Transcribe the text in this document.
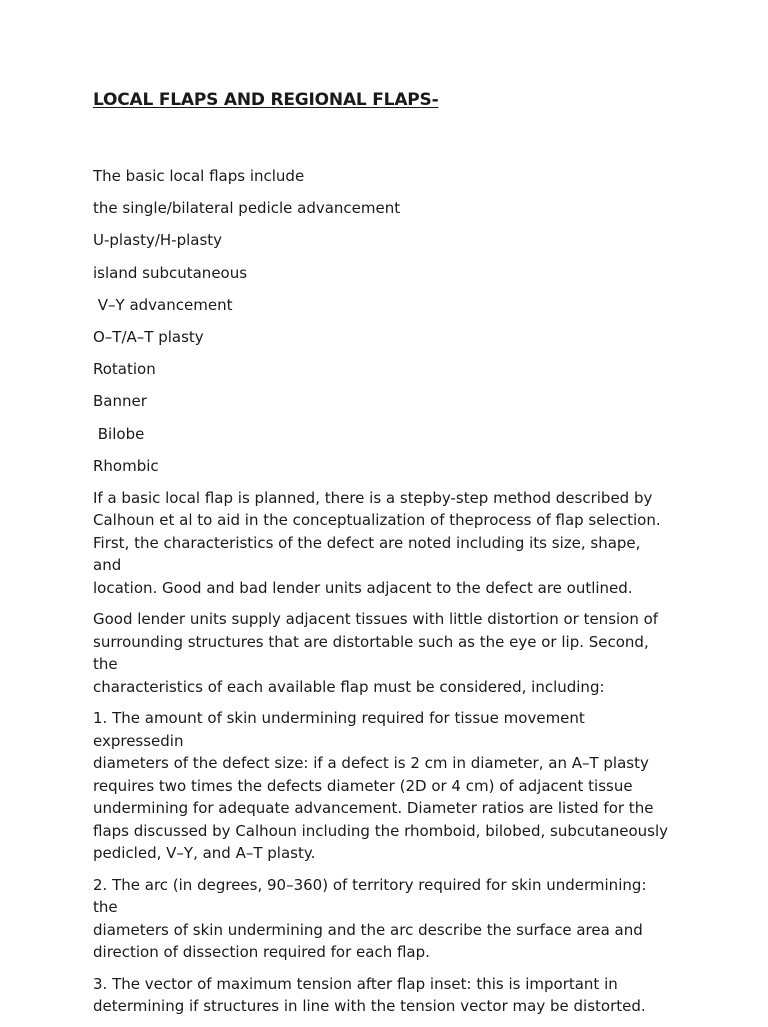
LOCAL FLAPS AND REGIONAL FLAPS-

The basic local flaps include

the single/bilateral pedicle advancement

U-plasty/H-plasty

island subcutaneous

V–Y advancement

O–T/A–T plasty

Rotation

Banner

Bilobe

Rhombic

If a basic local flap is planned, there is a stepby-step method described by
Calhoun et al to aid in the conceptualization of theprocess of flap selection.
First, the characteristics of the defect are noted including its size, shape, and
location. Good and bad lender units adjacent to the defect are outlined.

Good lender units supply adjacent tissues with little distortion or tension of
surrounding structures that are distortable such as the eye or lip. Second, the
characteristics of each available flap must be considered, including:

1. The amount of skin undermining required for tissue movement expressedin
diameters of the defect size: if a defect is 2 cm in diameter, an A–T plasty
requires two times the defects diameter (2D or 4 cm) of adjacent tissue
undermining for adequate advancement. Diameter ratios are listed for the
flaps discussed by Calhoun including the rhomboid, bilobed, subcutaneously
pedicled, V–Y, and A–T plasty.

2. The arc (in degrees, 90–360) of territory required for skin undermining: the
diameters of skin undermining and the arc describe the surface area and
direction of dissection required for each flap.

3. The vector of maximum tension after flap inset: this is important in
determining if structures in line with the tension vector may be distorted.
